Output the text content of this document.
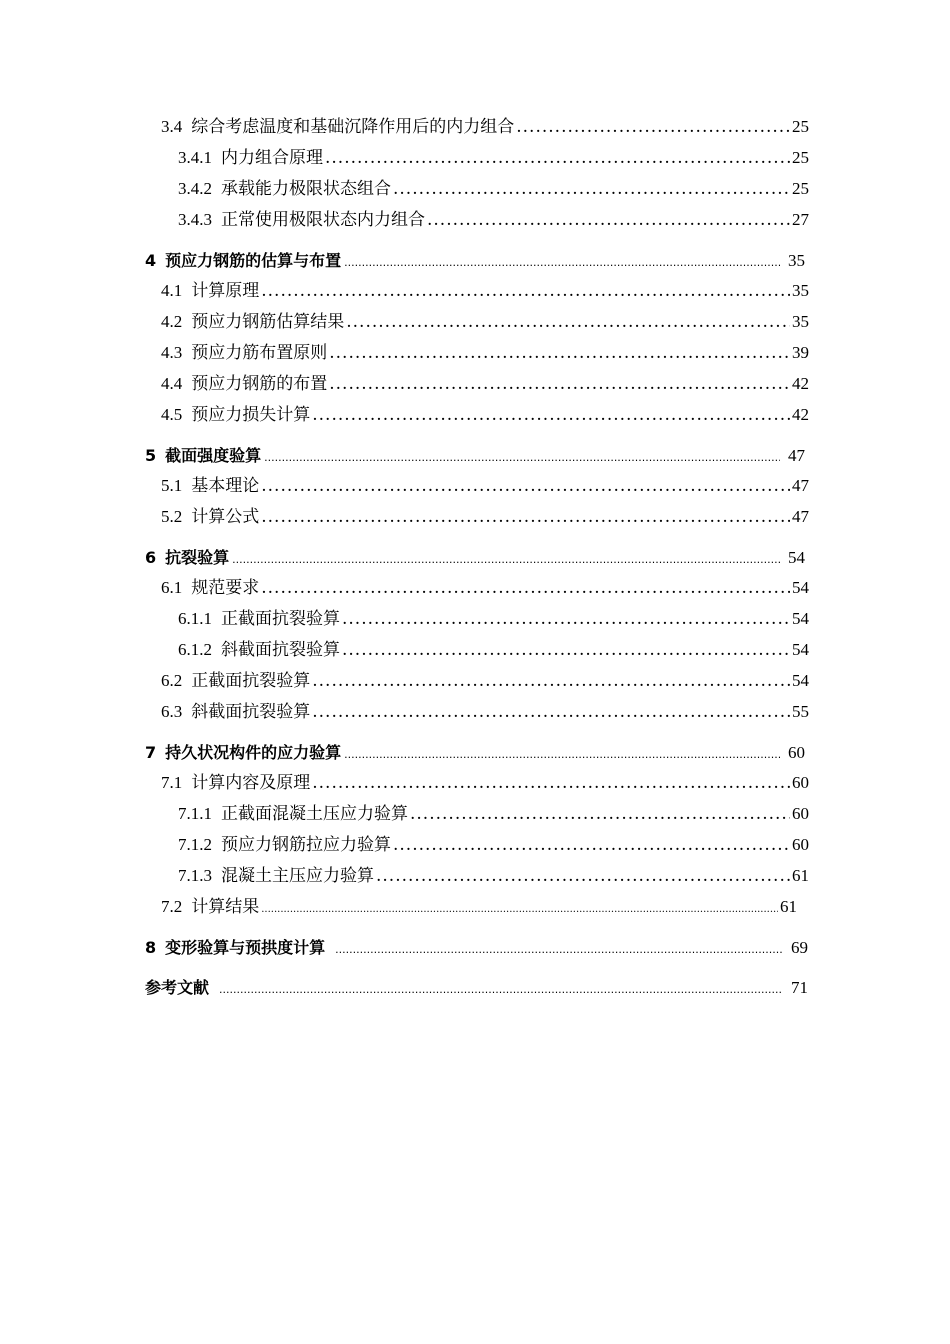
3.4 综合考虑温度和基础沉降作用后的内力组合 .....	25
3.4.1 内力组合原理 .....	25
3.4.2 承载能力极限状态组合 .....	25
3.4.3 正常使用极限状态内力组合 .....	27
4 预应力钢筋的估算与布置 .....	35
4.1 计算原理 .....	35
4.2 预应力钢筋估算结果 .....	35
4.3 预应力筋布置原则 .....	39
4.4 预应力钢筋的布置 .....	42
4.5 预应力损失计算 .....	42
5 截面强度验算 .....	47
5.1 基本理论 .....	47
5.2 计算公式 .....	47
6 抗裂验算 .....	54
6.1 规范要求 .....	54
6.1.1 正截面抗裂验算 .....	54
6.1.2 斜截面抗裂验算 .....	54
6.2 正截面抗裂验算 .....	54
6.3 斜截面抗裂验算 .....	55
7 持久状况构件的应力验算 .....	60
7.1 计算内容及原理 .....	60
7.1.1 正截面混凝土压应力验算 .....	60
7.1.2 预应力钢筋拉应力验算 .....	60
7.1.3 混凝土主压应力验算 .....	61
7.2 计算结果 .....	61
8 变形验算与预拱度计算 .....	69
参考文献 .....	71
